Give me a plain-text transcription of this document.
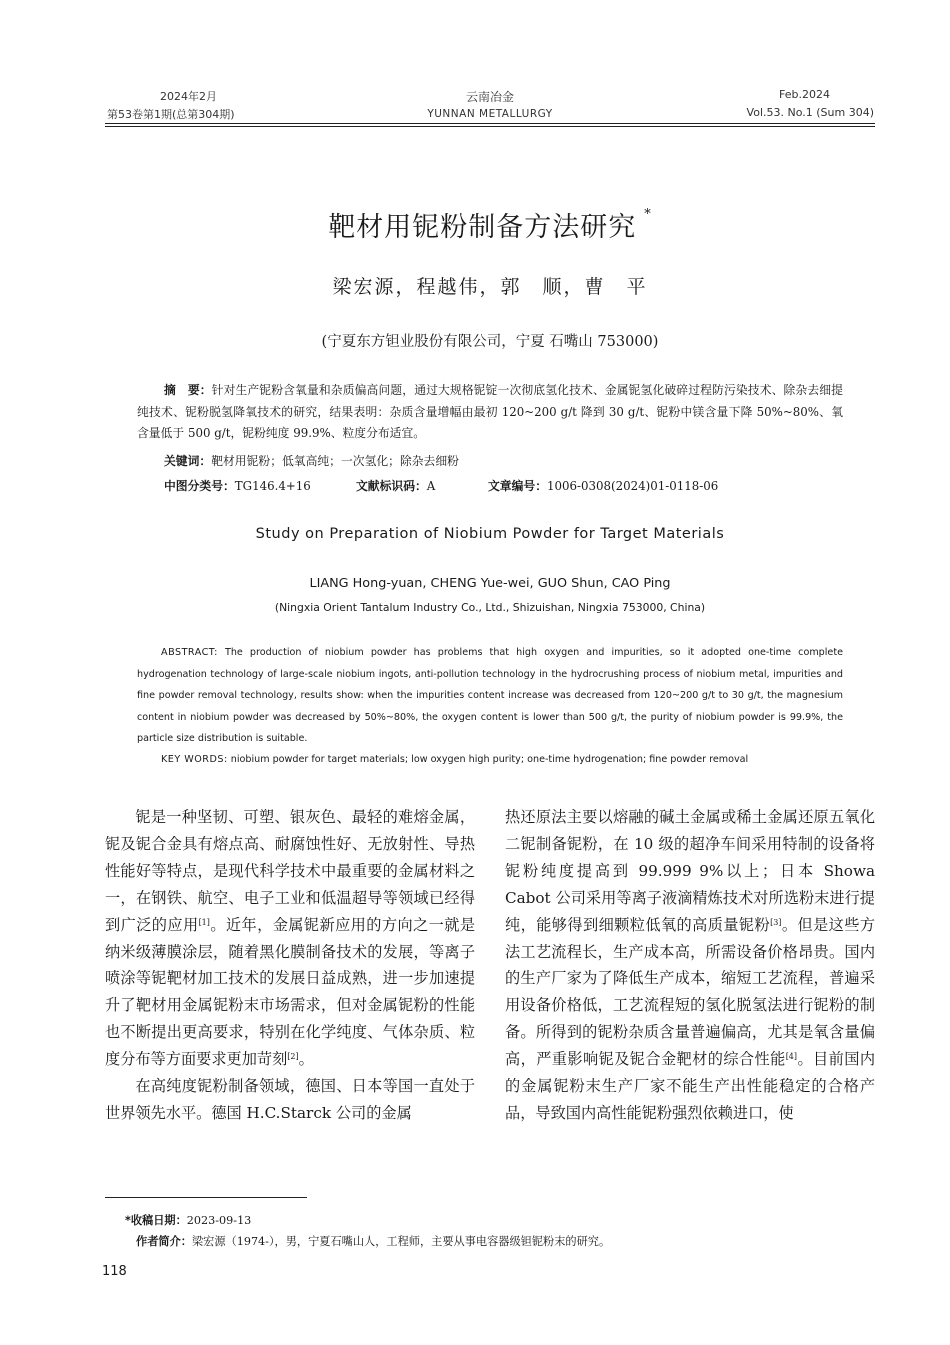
2024年2月
第53卷第1期(总第304期)
云南冶金
YUNNAN METALLURGY
Feb.2024
Vol.53. No.1 (Sum 304)
靶材用铌粉制备方法研究 *
梁宏源，程越伟，郭　顺，曹　平
(宁夏东方钽业股份有限公司，宁夏 石嘴山 753000)
摘　要：针对生产铌粉含氧量和杂质偏高问题，通过大规格铌锭一次彻底氢化技术、金属铌氢化破碎过程防污染技术、除杂去细提纯技术、铌粉脱氢降氧技术的研究，结果表明：杂质含量增幅由最初 120~200 g/t 降到 30 g/t、铌粉中镁含量下降 50%~80%、氧含量低于 500 g/t，铌粉纯度 99.9%、粒度分布适宜。
关键词：靶材用铌粉；低氧高纯；一次氢化；除杂去细粉
中图分类号：TG146.4+16	文献标识码：A	文章编号：1006-0308(2024)01-0118-06
Study on Preparation of Niobium Powder for Target Materials
LIANG Hong-yuan, CHENG Yue-wei, GUO Shun, CAO Ping
(Ningxia Orient Tantalum Industry Co., Ltd., Shizuishan, Ningxia 753000, China)
ABSTRACT: The production of niobium powder has problems that high oxygen and impurities, so it adopted one-time complete hydrogenation technology of large-scale niobium ingots, anti-pollution technology in the hydrocrushing process of niobium metal, impurities and fine powder removal technology, results show: when the impurities content increase was decreased from 120~200 g/t to 30 g/t, the magnesium content in niobium powder was decreased by 50%~80%, the oxygen content is lower than 500 g/t, the purity of niobium powder is 99.9%, the particle size distribution is suitable.
KEY WORDS: niobium powder for target materials; low oxygen high purity; one-time hydrogenation; fine powder removal

铌是一种坚韧、可塑、银灰色、最轻的难熔金属，铌及铌合金具有熔点高、耐腐蚀性好、无放射性、导热性能好等特点，是现代科学技术中最重要的金属材料之一，在钢铁、航空、电子工业和低温超导等领域已经得到广泛的应用[1]。近年，金属铌新应用的方向之一就是纳米级薄膜涂层，随着黑化膜制备技术的发展，等离子喷涂等铌靶材加工技术的发展日益成熟，进一步加速提升了靶材用金属铌粉末市场需求，但对金属铌粉的性能也不断提出更高要求，特别在化学纯度、气体杂质、粒度分布等方面要求更加苛刻[2]。

在高纯度铌粉制备领域，德国、日本等国一直处于世界领先水平。德国 H.C.Starck 公司的金属

热还原法主要以熔融的碱土金属或稀土金属还原五氧化二铌制备铌粉，在 10 级的超净车间采用特制的设备将铌粉纯度提高到 99.999 9%以上；日本 Showa Cabot 公司采用等离子液滴精炼技术对所选粉末进行提纯，能够得到细颗粒低氧的高质量铌粉[3]。但是这些方法工艺流程长，生产成本高，所需设备价格昂贵。国内的生产厂家为了降低生产成本，缩短工艺流程，普遍采用设备价格低，工艺流程短的氢化脱氢法进行铌粉的制备。所得到的铌粉杂质含量普遍偏高，尤其是氧含量偏高，严重影响铌及铌合金靶材的综合性能[4]。目前国内的金属铌粉末生产厂家不能生产出性能稳定的合格产品，导致国内高性能铌粉强烈依赖进口，使

*收稿日期：2023-09-13
作者简介：梁宏源（1974-），男，宁夏石嘴山人，工程师，主要从事电容器级钽铌粉末的研究。
118
